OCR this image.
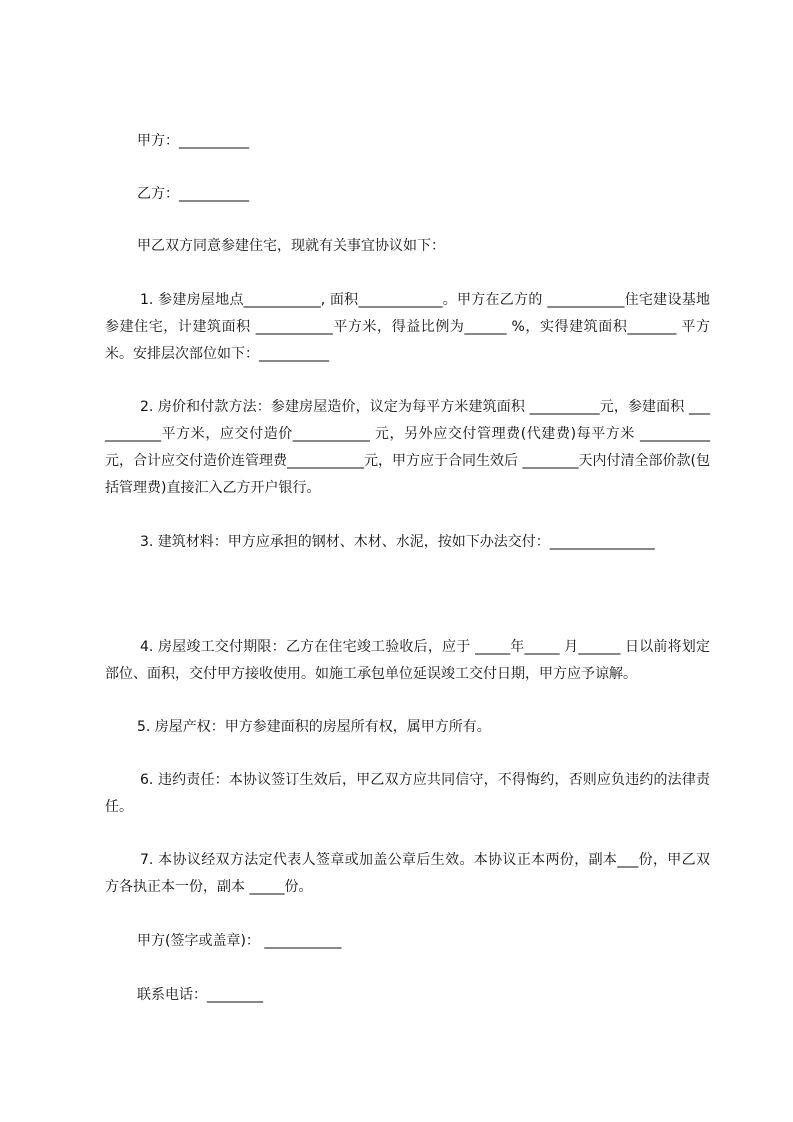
甲方：__________

乙方：__________

甲乙双方同意参建住宅，现就有关事宜协议如下：

1. 参建房屋地点___________, 面积____________。甲方在乙方的 ___________住宅建设基地参建住宅，计建筑面积 ___________平方米，得益比例为______ %，实得建筑面积_______ 平方米。安排层次部位如下：__________

2. 房价和付款方法：参建房屋造价，议定为每平方米建筑面积 __________元，参建面积 ___________平方米，应交付造价___________ 元，另外应交付管理费(代建费)每平方米 __________元，合计应交付造价连管理费___________元，甲方应于合同生效后 ________天内付清全部价款(包括管理费)直接汇入乙方开户银行。

3. 建筑材料：甲方应承担的钢材、木材、水泥，按如下办法交付：_______________

4. 房屋竣工交付期限：乙方在住宅竣工验收后，应于 _____年_____ 月______ 日以前将划定部位、面积，交付甲方接收使用。如施工承包单位延误竣工交付日期，甲方应予谅解。

5. 房屋产权：甲方参建面积的房屋所有权，属甲方所有。

6. 违约责任：本协议签订生效后，甲乙双方应共同信守，不得悔约，否则应负违约的法律责任。

7. 本协议经双方法定代表人签章或加盖公章后生效。本协议正本两份，副本___份，甲乙双方各执正本一份，副本 _____份。

甲方(签字或盖章)： ___________

联系电话：________
